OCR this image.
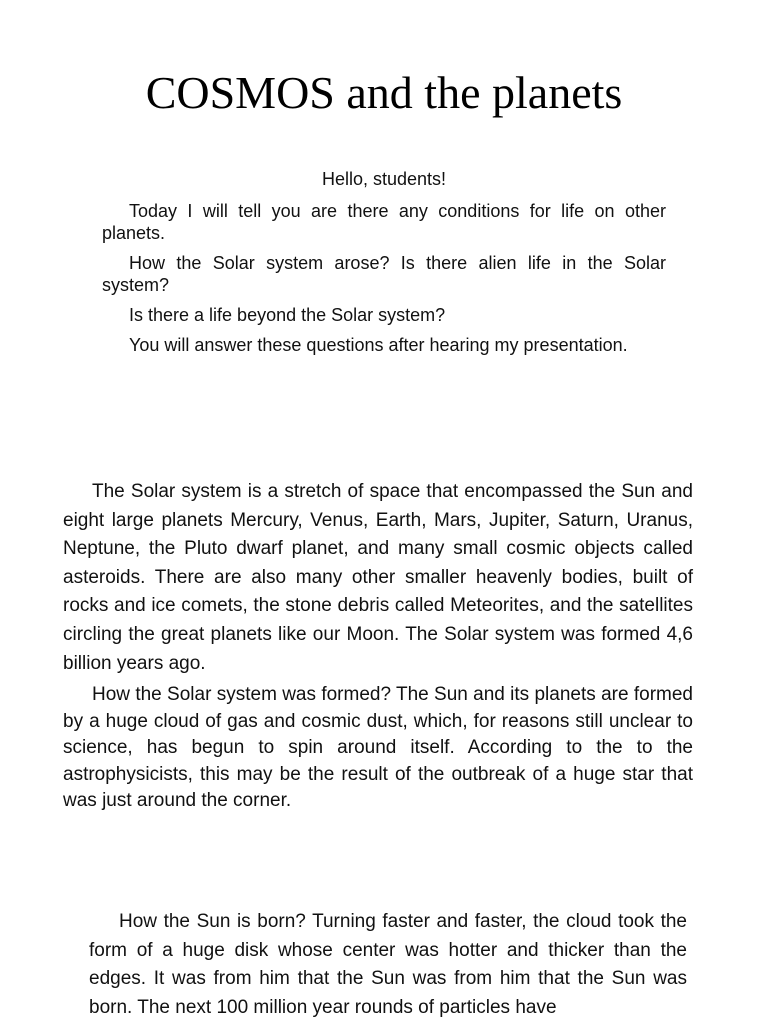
COSMOS and the planets

Hello, students!

Today I will tell you are there any conditions for life on other planets.

How the Solar system arose? Is there alien life in the Solar system?

Is there a life beyond the Solar system?

You will answer these questions after hearing my presentation.

The Solar system is a stretch of space that encompassed the Sun and eight large planets Mercury, Venus, Earth, Mars, Jupiter, Saturn, Uranus, Neptune, the Pluto dwarf planet, and many small cosmic objects called asteroids. There are also many other smaller heavenly bodies, built of rocks and ice comets, the stone debris called Meteorites, and the satellites circling the great planets like our Moon. The Solar system was formed 4,6 billion years ago.

How the Solar system was formed? The Sun and its planets are formed by a huge cloud of gas and cosmic dust, which, for reasons still unclear to science, has begun to spin around itself. According to the to the astrophysicists, this may be the result of the outbreak of a huge star that was just around the corner.

How the Sun is born? Turning faster and faster, the cloud took the form of a huge disk whose center was hotter and thicker than the edges. It was from him that the Sun was from him that the Sun was born. The next 100 million year rounds of particles have
